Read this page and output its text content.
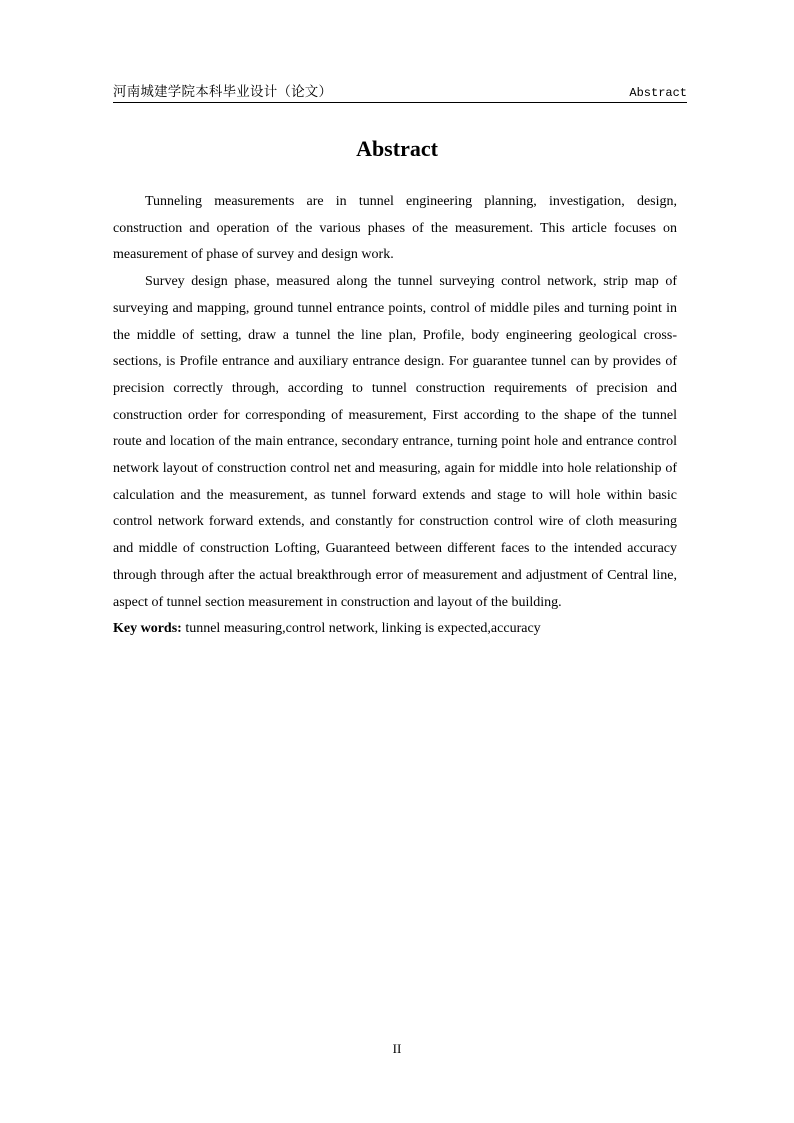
河南城建学院本科毕业设计（论文）	Abstract
Abstract

Tunneling measurements are in tunnel engineering planning, investigation, design, construction and operation of the various phases of the measurement. This article focuses on measurement of phase of survey and design work.

Survey design phase, measured along the tunnel surveying control network, strip map of surveying and mapping, ground tunnel entrance points, control of middle piles and turning point in the middle of setting, draw a tunnel the line plan, Profile, body engineering geological cross-sections, is Profile entrance and auxiliary entrance design. For guarantee tunnel can by provides of precision correctly through, according to tunnel construction requirements of precision and construction order for corresponding of measurement, First according to the shape of the tunnel route and location of the main entrance, secondary entrance, turning point hole and entrance control network layout of construction control net and measuring, again for middle into hole relationship of calculation and the measurement, as tunnel forward extends and stage to will hole within basic control network forward extends, and constantly for construction control wire of cloth measuring and middle of construction Lofting, Guaranteed between different faces to the intended accuracy through through after the actual breakthrough error of measurement and adjustment of Central line, aspect of tunnel section measurement in construction and layout of the building.

Key words: tunnel measuring,control network, linking is expected,accuracy

II
